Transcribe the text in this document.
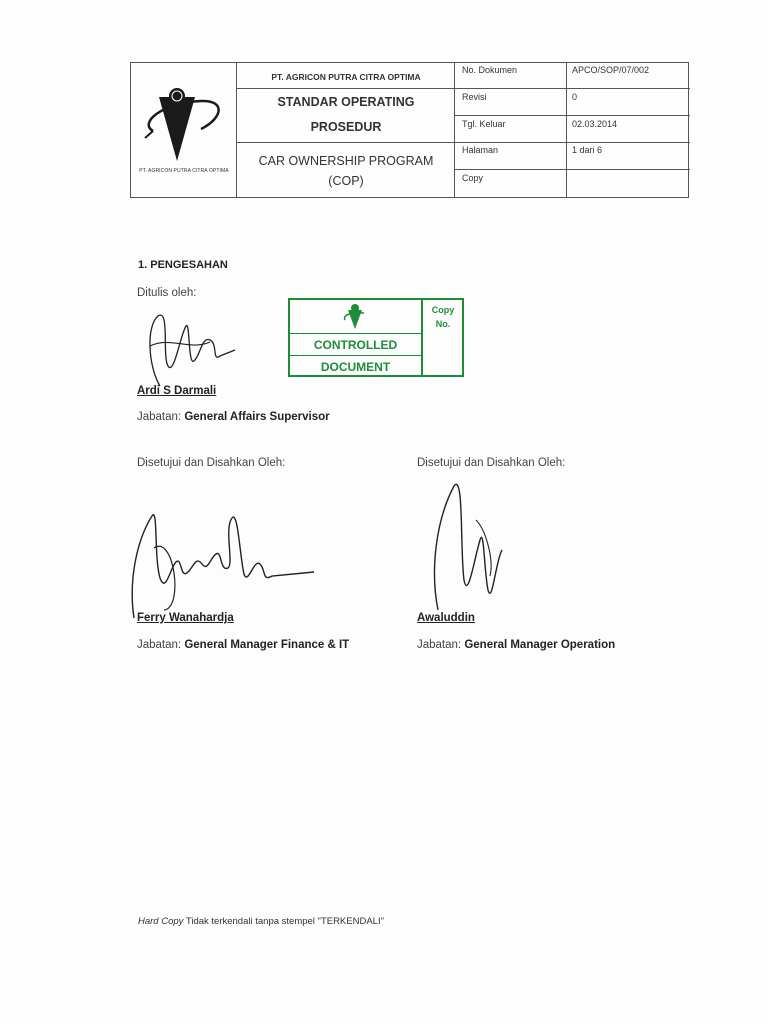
PT. AGRICON PUTRA CITRA OPTIMA
PT. AGRICON PUTRA CITRA OPTIMA
STANDAR OPERATING
PROSEDUR
CAR OWNERSHIP PROGRAM
(COP)
No. Dokumen	APCO/SOP/07/002
Revisi	0
Tgl. Keluar	02.03.2014
Halaman	1 dari 6
Copy
1. PENGESAHAN
Ditulis oleh:
Copy
No.
CONTROLLED
DOCUMENT
Ardi S Darmali
Jabatan: General Affairs Supervisor
Disetujui dan Disahkan Oleh:	Disetujui dan Disahkan Oleh:
Ferry Wanahardja	Awaluddin
Jabatan: General Manager Finance & IT	Jabatan: General Manager Operation
Hard Copy Tidak terkendali tanpa stempel "TERKENDALI"
